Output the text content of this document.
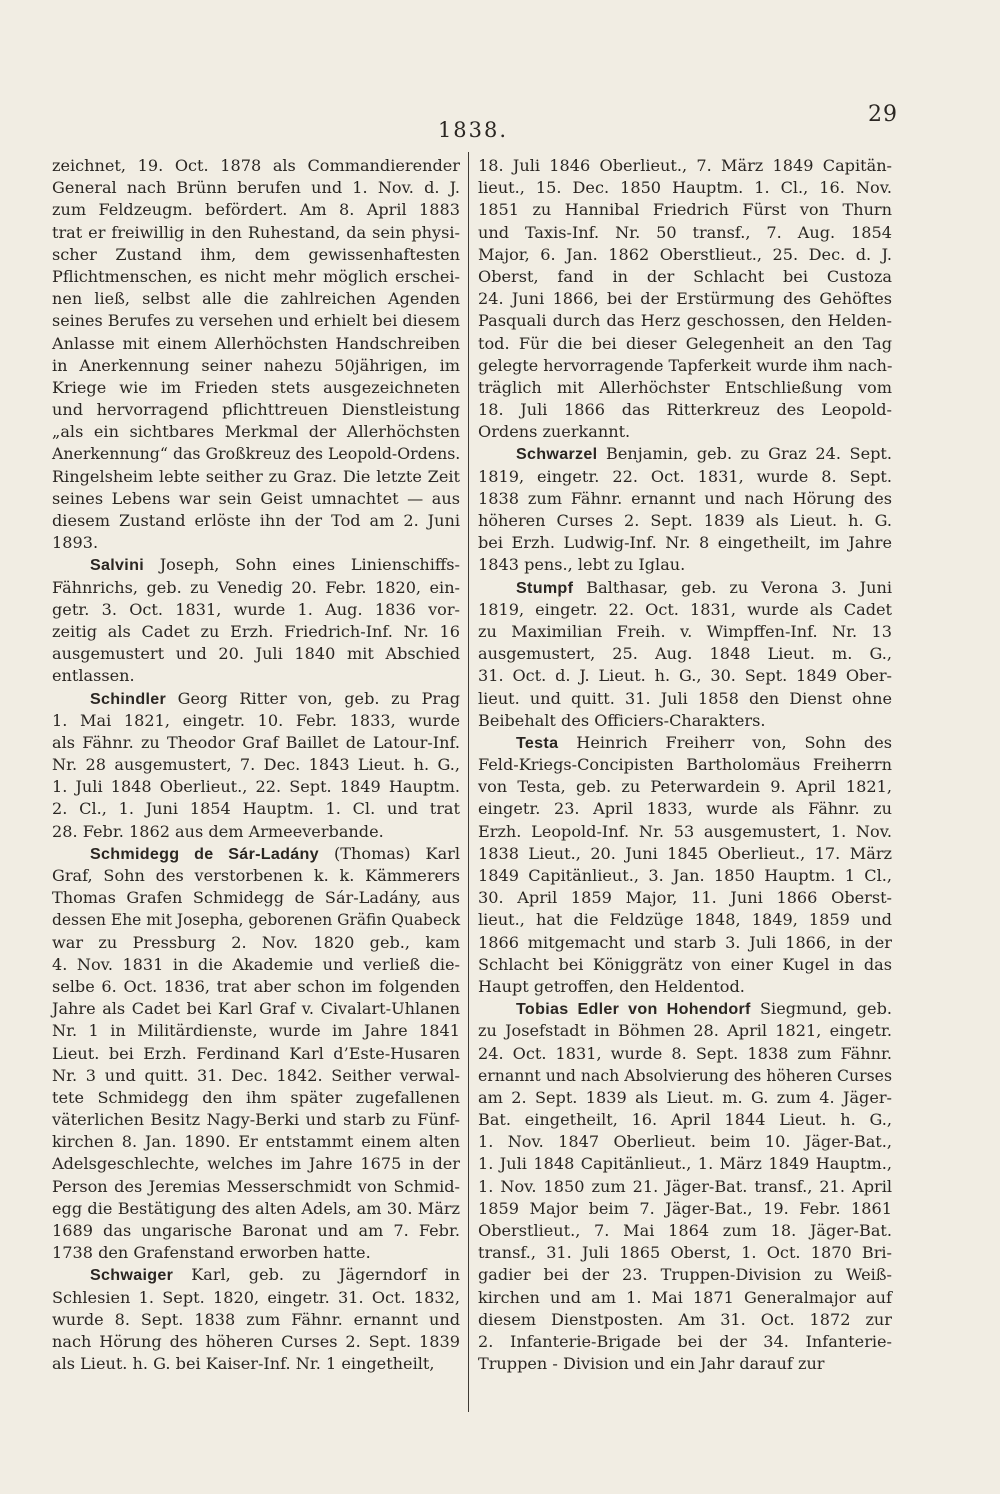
29
1838.
zeichnet, 19. Oct. 1878 als Commandierender
General nach Brünn berufen und 1. Nov. d. J.
zum Feldzeugm. befördert. Am 8. April 1883
trat er freiwillig in den Ruhestand, da sein physi-
scher Zustand ihm, dem gewissenhaftesten
Pflichtmenschen, es nicht mehr möglich erschei-
nen ließ, selbst alle die zahlreichen Agenden
seines Berufes zu versehen und erhielt bei diesem
Anlasse mit einem Allerhöchsten Handschreiben
in Anerkennung seiner nahezu 50jährigen, im
Kriege wie im Frieden stets ausgezeichneten
und hervorragend pflichttreuen Dienstleistung
„als ein sichtbares Merkmal der Allerhöchsten
Anerkennung“ das Großkreuz des Leopold-Ordens.
Ringelsheim lebte seither zu Graz. Die letzte Zeit
seines Lebens war sein Geist umnachtet — aus
diesem Zustand erlöste ihn der Tod am 2. Juni
1893.
Salvini Joseph, Sohn eines Linienschiffs-
Fähnrichs, geb. zu Venedig 20. Febr. 1820, ein-
getr. 3. Oct. 1831, wurde 1. Aug. 1836 vor-
zeitig als Cadet zu Erzh. Friedrich-Inf. Nr. 16
ausgemustert und 20. Juli 1840 mit Abschied
entlassen.
Schindler Georg Ritter von, geb. zu Prag
1. Mai 1821, eingetr. 10. Febr. 1833, wurde
als Fähnr. zu Theodor Graf Baillet de Latour-Inf.
Nr. 28 ausgemustert, 7. Dec. 1843 Lieut. h. G.,
1. Juli 1848 Oberlieut., 22. Sept. 1849 Hauptm.
2. Cl., 1. Juni 1854 Hauptm. 1. Cl. und trat
28. Febr. 1862 aus dem Armeeverbande.
Schmidegg de Sár-Ladány (Thomas) Karl
Graf, Sohn des verstorbenen k. k. Kämmerers
Thomas Grafen Schmidegg de Sár-Ladány, aus
dessen Ehe mit Josepha, geborenen Gräfin Quabeck
war zu Pressburg 2. Nov. 1820 geb., kam
4. Nov. 1831 in die Akademie und verließ die-
selbe 6. Oct. 1836, trat aber schon im folgenden
Jahre als Cadet bei Karl Graf v. Civalart-Uhlanen
Nr. 1 in Militärdienste, wurde im Jahre 1841
Lieut. bei Erzh. Ferdinand Karl d’Este-Husaren
Nr. 3 und quitt. 31. Dec. 1842. Seither verwal-
tete Schmidegg den ihm später zugefallenen
väterlichen Besitz Nagy-Berki und starb zu Fünf-
kirchen 8. Jan. 1890. Er entstammt einem alten
Adelsgeschlechte, welches im Jahre 1675 in der
Person des Jeremias Messerschmidt von Schmid-
egg die Bestätigung des alten Adels, am 30. März
1689 das ungarische Baronat und am 7. Febr.
1738 den Grafenstand erworben hatte.
Schwaiger Karl, geb. zu Jägerndorf in
Schlesien 1. Sept. 1820, eingetr. 31. Oct. 1832,
wurde 8. Sept. 1838 zum Fähnr. ernannt und
nach Hörung des höheren Curses 2. Sept. 1839
als Lieut. h. G. bei Kaiser-Inf. Nr. 1 eingetheilt,
18. Juli 1846 Oberlieut., 7. März 1849 Capitän-
lieut., 15. Dec. 1850 Hauptm. 1. Cl., 16. Nov.
1851 zu Hannibal Friedrich Fürst von Thurn
und Taxis-Inf. Nr. 50 transf., 7. Aug. 1854
Major, 6. Jan. 1862 Oberstlieut., 25. Dec. d. J.
Oberst, fand in der Schlacht bei Custoza
24. Juni 1866, bei der Erstürmung des Gehöftes
Pasquali durch das Herz geschossen, den Helden-
tod. Für die bei dieser Gelegenheit an den Tag
gelegte hervorragende Tapferkeit wurde ihm nach-
träglich mit Allerhöchster Entschließung vom
18. Juli 1866 das Ritterkreuz des Leopold-
Ordens zuerkannt.
Schwarzel Benjamin, geb. zu Graz 24. Sept.
1819, eingetr. 22. Oct. 1831, wurde 8. Sept.
1838 zum Fähnr. ernannt und nach Hörung des
höheren Curses 2. Sept. 1839 als Lieut. h. G.
bei Erzh. Ludwig-Inf. Nr. 8 eingetheilt, im Jahre
1843 pens., lebt zu Iglau.
Stumpf Balthasar, geb. zu Verona 3. Juni
1819, eingetr. 22. Oct. 1831, wurde als Cadet
zu Maximilian Freih. v. Wimpffen-Inf. Nr. 13
ausgemustert, 25. Aug. 1848 Lieut. m. G.,
31. Oct. d. J. Lieut. h. G., 30. Sept. 1849 Ober-
lieut. und quitt. 31. Juli 1858 den Dienst ohne
Beibehalt des Officiers-Charakters.
Testa Heinrich Freiherr von, Sohn des
Feld-Kriegs-Concipisten Bartholomäus Freiherrn
von Testa, geb. zu Peterwardein 9. April 1821,
eingetr. 23. April 1833, wurde als Fähnr. zu
Erzh. Leopold-Inf. Nr. 53 ausgemustert, 1. Nov.
1838 Lieut., 20. Juni 1845 Oberlieut., 17. März
1849 Capitänlieut., 3. Jan. 1850 Hauptm. 1 Cl.,
30. April 1859 Major, 11. Juni 1866 Oberst-
lieut., hat die Feldzüge 1848, 1849, 1859 und
1866 mitgemacht und starb 3. Juli 1866, in der
Schlacht bei Königgrätz von einer Kugel in das
Haupt getroffen, den Heldentod.
Tobias Edler von Hohendorf Siegmund, geb.
zu Josefstadt in Böhmen 28. April 1821, eingetr.
24. Oct. 1831, wurde 8. Sept. 1838 zum Fähnr.
ernannt und nach Absolvierung des höheren Curses
am 2. Sept. 1839 als Lieut. m. G. zum 4. Jäger-
Bat. eingetheilt, 16. April 1844 Lieut. h. G.,
1. Nov. 1847 Oberlieut. beim 10. Jäger-Bat.,
1. Juli 1848 Capitänlieut., 1. März 1849 Hauptm.,
1. Nov. 1850 zum 21. Jäger-Bat. transf., 21. April
1859 Major beim 7. Jäger-Bat., 19. Febr. 1861
Oberstlieut., 7. Mai 1864 zum 18. Jäger-Bat.
transf., 31. Juli 1865 Oberst, 1. Oct. 1870 Bri-
gadier bei der 23. Truppen-Division zu Weiß-
kirchen und am 1. Mai 1871 Generalmajor auf
diesem Dienstposten. Am 31. Oct. 1872 zur
2. Infanterie-Brigade bei der 34. Infanterie-
Truppen - Division und ein Jahr darauf zur
